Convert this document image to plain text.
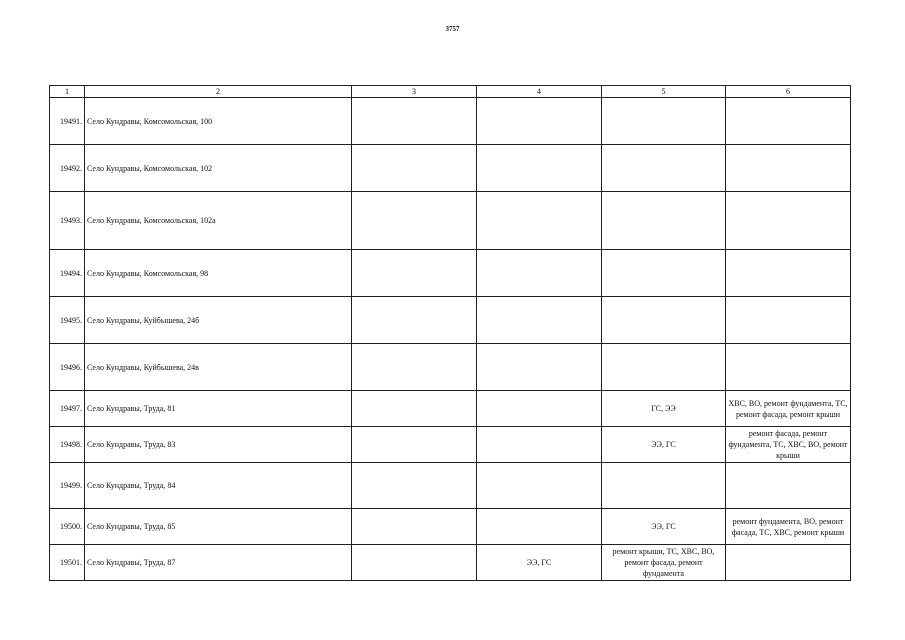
3757
1	2	3	4	5	6
19491.	Село Кундравы, Комсомольская, 100				
19492.	Село Кундравы, Комсомольская, 102				
19493.	Село Кундравы, Комсомольская, 102а				
19494.	Село Кундравы, Комсомольская, 98				
19495.	Село Кундравы, Куйбышева, 24б				
19496.	Село Кундравы, Куйбышева, 24в				
19497.	Село Кундравы, Труда, 81			ГС, ЭЭ	ХВС, ВО, ремонт фундамента, ТС, ремонт фасада, ремонт крыши
19498.	Село Кундравы, Труда, 83			ЭЭ, ГС	ремонт фасада, ремонт фундамента, ТС, ХВС, ВО, ремонт крыши
19499.	Село Кундравы, Труда, 84				
19500.	Село Кундравы, Труда, 85			ЭЭ, ГС	ремонт фундамента, ВО, ремонт фасада, ТС, ХВС, ремонт крыши
19501.	Село Кундравы, Труда, 87		ЭЭ, ГС	ремонт крыши, ТС, ХВС, ВО, ремонт фасада, ремонт фундамента	
